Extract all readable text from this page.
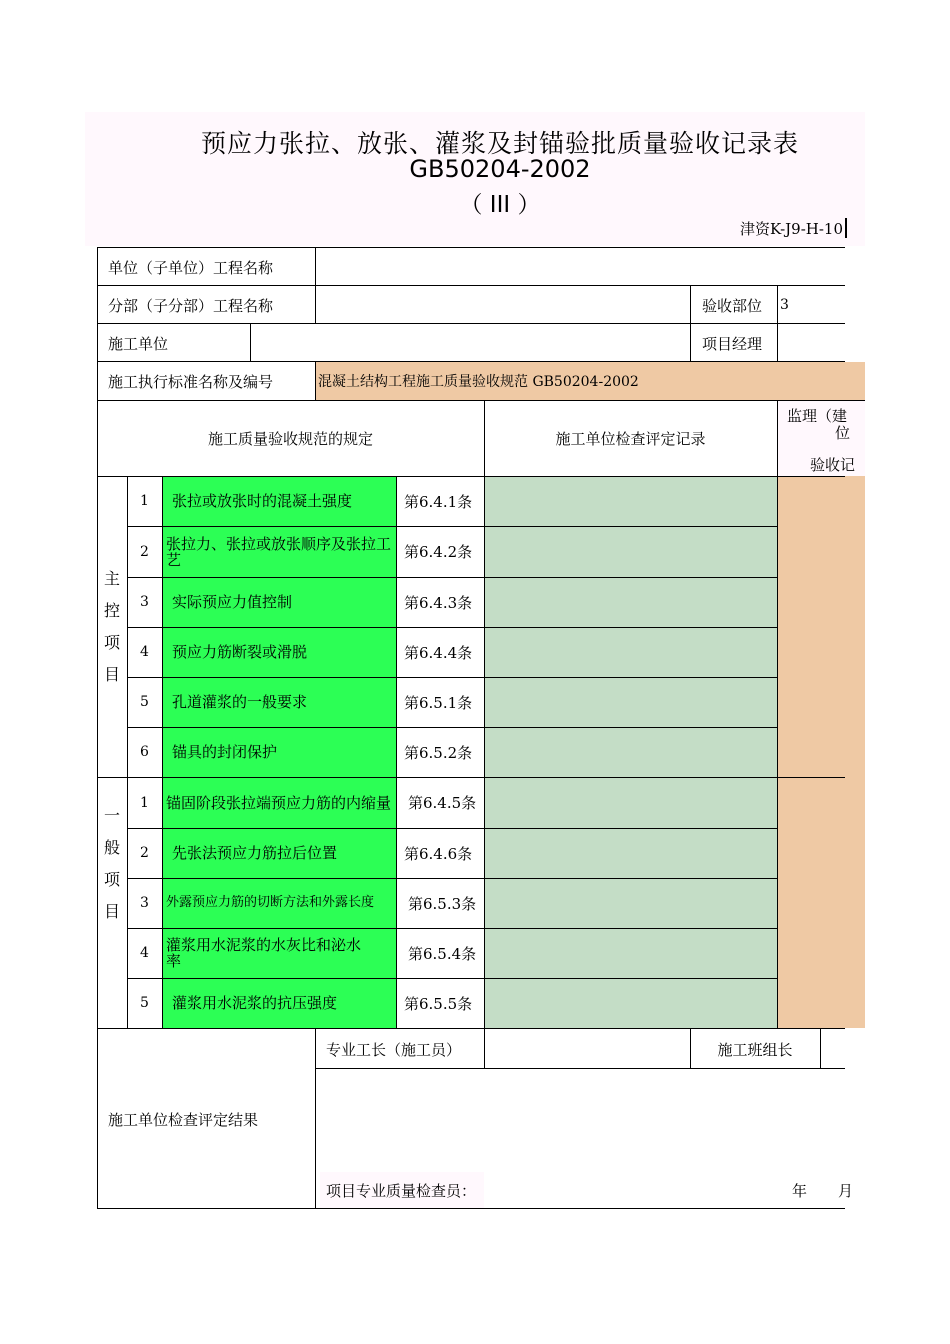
预应力张拉、放张、灌浆及封锚验批质量验收记录表
GB50204-2002
（ III ）
津资K-J9-H-10
单位（子单位）工程名称
分部（子分部）工程名称	验收部位 3
施工单位	项目经理
施工执行标准名称及编号	混凝土结构工程施工质量验收规范 GB50204-2002
施工质量验收规范的规定	施工单位检查评定记录
监理（建
位
验收记
主控项目
1	张拉或放张时的混凝土强度	第6.4.1条
2	张拉力、张拉或放张顺序及张拉工艺	第6.4.2条
3	实际预应力值控制	第6.4.3条
4	预应力筋断裂或滑脱	第6.4.4条
5	孔道灌浆的一般要求	第6.5.1条
6	锚具的封闭保护	第6.5.2条
一般项目
1	锚固阶段张拉端预应力筋的内缩量	第6.4.5条
2	先张法预应力筋拉后位置	第6.4.6条
3	外露预应力筋的切断方法和外露长度	第6.5.3条
4	灌浆用水泥浆的水灰比和泌水率	第6.5.4条
5	灌浆用水泥浆的抗压强度	第6.5.5条
施工单位检查评定结果
专业工长（施工员）	施工班组长
项目专业质量检查员：	年 月
